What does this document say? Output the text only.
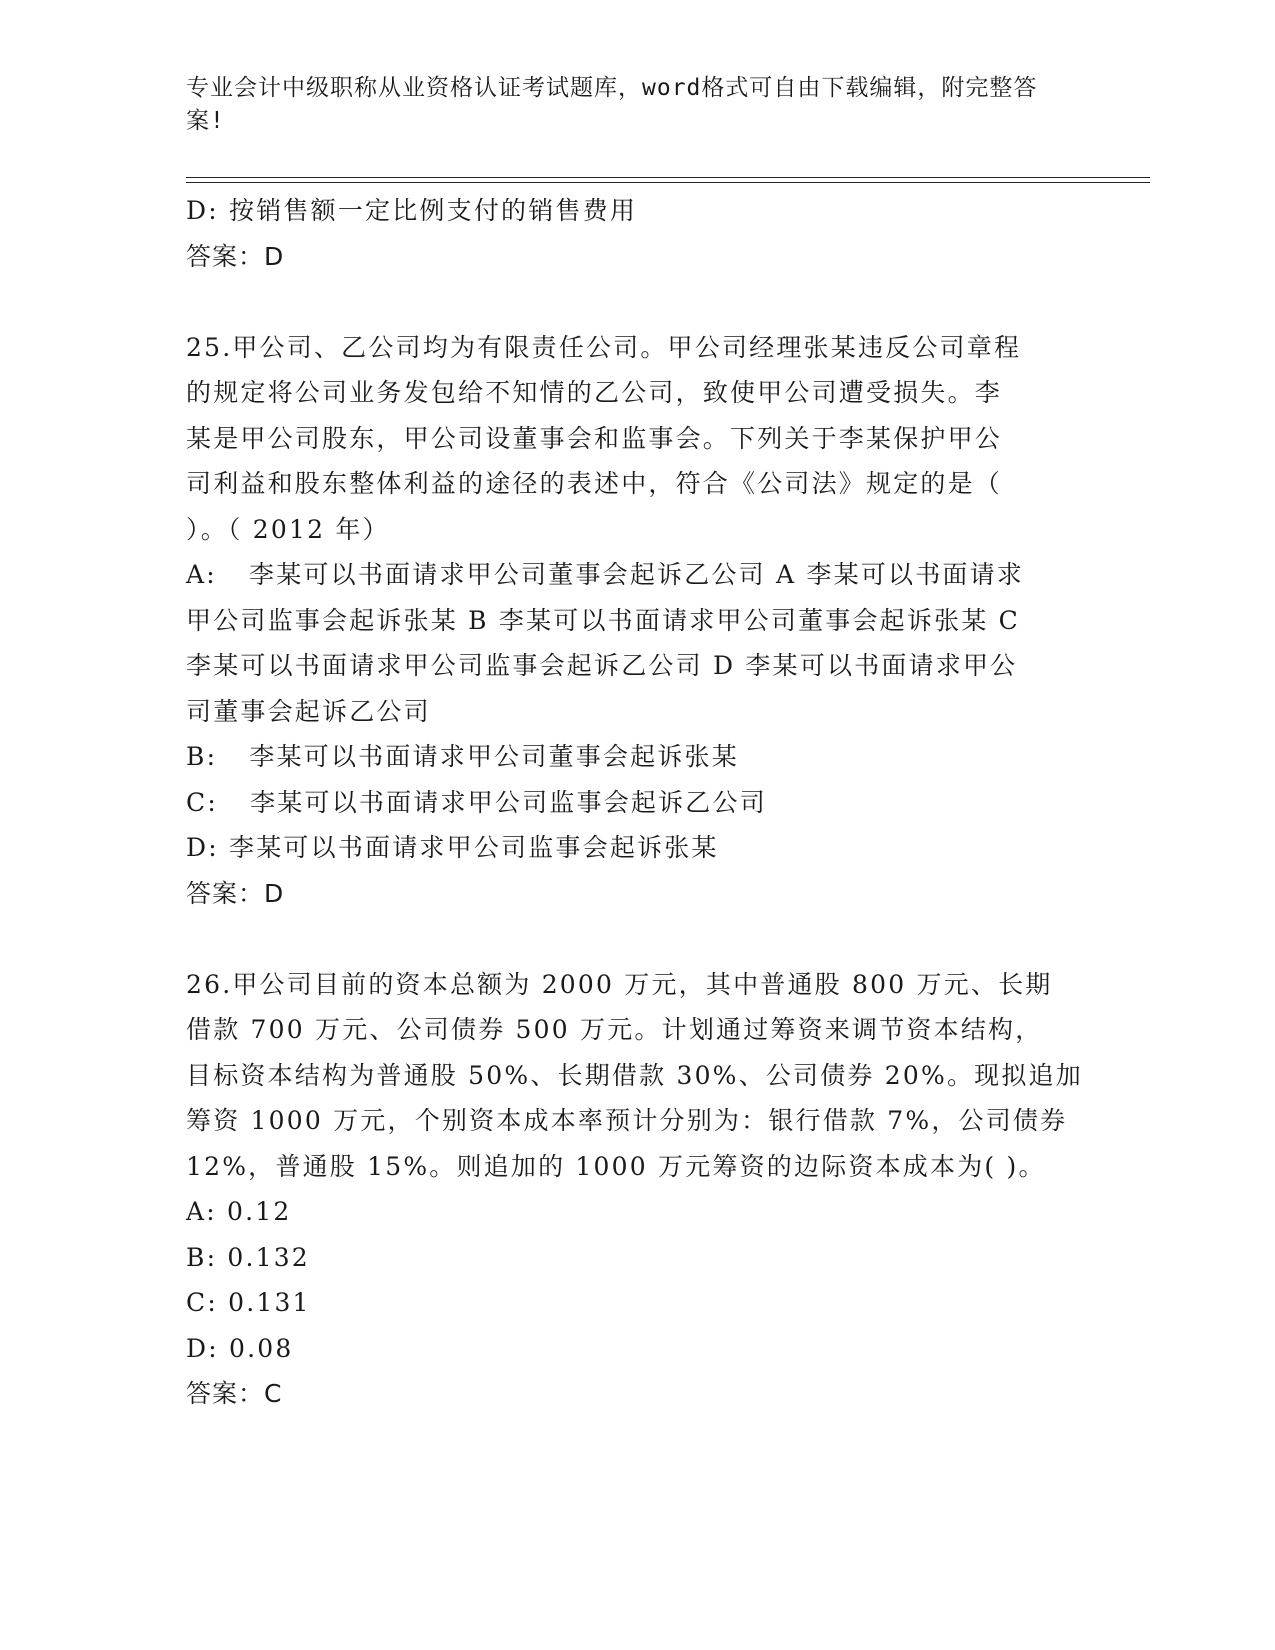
专业会计中级职称从业资格认证考试题库，word格式可自由下载编辑，附完整答
案!
D: 按销售额一定比例支付的销售费用
答案：D
25.甲公司、乙公司均为有限责任公司。甲公司经理张某违反公司章程
的规定将公司业务发包给不知情的乙公司，致使甲公司遭受损失。李
某是甲公司股东，甲公司设董事会和监事会。下列关于李某保护甲公
司利益和股东整体利益的途径的表述中，符合《公司法》规定的是（
）。（ 2012 年）
A: 李某可以书面请求甲公司董事会起诉乙公司 A 李某可以书面请求
甲公司监事会起诉张某 B 李某可以书面请求甲公司董事会起诉张某 C
李某可以书面请求甲公司监事会起诉乙公司 D 李某可以书面请求甲公
司董事会起诉乙公司
B: 李某可以书面请求甲公司董事会起诉张某
C: 李某可以书面请求甲公司监事会起诉乙公司
D: 李某可以书面请求甲公司监事会起诉张某
答案：D
26.甲公司目前的资本总额为 2000 万元，其中普通股 800 万元、长期
借款 700 万元、公司债券 500 万元。计划通过筹资来调节资本结构，
目标资本结构为普通股 50%、长期借款 30%、公司债券 20%。现拟追加
筹资 1000 万元，个别资本成本率预计分别为：银行借款 7%，公司债券
12%，普通股 15%。则追加的 1000 万元筹资的边际资本成本为( )。
A: 0.12
B: 0.132
C: 0.131
D: 0.08
答案：C
